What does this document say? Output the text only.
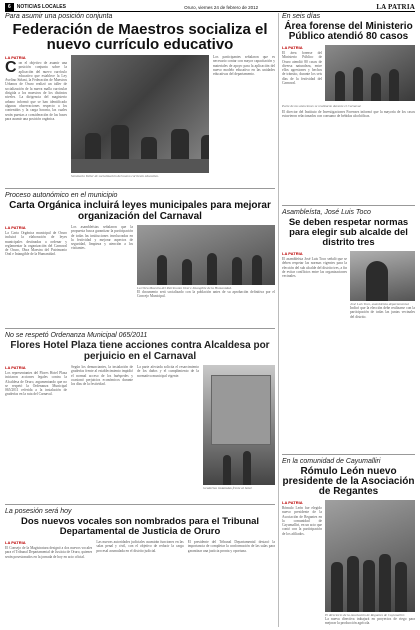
6	NOTICIAS LOCALES	Oruro, viernes 24 de febrero de 2012	LA PATRIA
Para asumir una posición conjunta
Federación de Maestros socializa el nuevo currículo educativo
LA PATRIA
Con el objetivo de asumir una posición conjunta sobre la aplicación del nuevo currículo educativo que establece la Ley Avelino Siñani, la Federación de Maestros Urbanos de Oruro realizó un taller de socialización de la nueva malla curricular dirigida a los maestros de los distintos niveles. La dirigencia del magisterio urbano informó que se han identificado algunas observaciones respecto a los contenidos y la carga horaria, las cuales serán puestas a consideración de las bases para asumir una posición orgánica.
Seminario Taller de socialización del nuevo currículo educativo.
Los participantes señalaron que es necesario contar con mayor capacitación y materiales de apoyo para la aplicación del nuevo modelo educativo en las unidades educativas del departamento.
Proceso autonómico en el municipio
Carta Orgánica incluirá leyes municipales para mejorar organización del Carnaval
LA PATRIA
La Carta Orgánica municipal de Oruro incluirá la elaboración de leyes municipales destinadas a ordenar y reglamentar la organización del Carnaval de Oruro, Obra Maestra del Patrimonio Oral e Intangible de la Humanidad.
Los asambleístas señalaron que la propuesta busca garantizar la participación de todas las instituciones involucradas en la festividad y mejorar aspectos de seguridad, limpieza y atención a los visitantes.
La Obra Maestra del Patrimonio Oral e Intangible de la Humanidad.
El documento será socializado con la población antes de su aprobación definitiva por el Concejo Municipal.
No se respetó Ordenanza Municipal 065/2011
Flores Hotel Plaza tiene acciones contra Alcaldesa por perjuicio en el Carnaval
LA PATRIA
Los representantes del Flores Hotel Plaza iniciaron acciones legales contra la Alcaldesa de Oruro, argumentando que no se respetó la Ordenanza Municipal 065/2011 referida a la instalación de graderías en la ruta del Carnaval.
Según los denunciantes, la instalación de graderías frente al establecimiento impidió el normal acceso de los huéspedes y ocasionó perjuicios económicos durante los días de la festividad.
La parte afectada solicita el resarcimiento de los daños y el cumplimiento de la normativa municipal vigente.
Graderías instaladas frente al hotel.
La posesión será hoy
Dos nuevos vocales son nombrados para el Tribunal Departamental de Justicia de Oruro
LA PATRIA
El Consejo de la Magistratura designó a dos nuevos vocales para el Tribunal Departamental de Justicia de Oruro, quienes serán posesionados en la jornada de hoy en acto oficial.
Las nuevas autoridades judiciales asumirán funciones en las salas penal y civil, con el objetivo de reducir la carga procesal acumulada en el distrito judicial.
El presidente del Tribunal Departamental destacó la importancia de completar la conformación de las salas para garantizar una justicia pronta y oportuna.
En seis días
Área forense del Ministerio Público atendió 80 casos
LA PATRIA
El área forense del Ministerio Público de Oruro atendió 80 casos de diversa naturaleza, entre ellos agresiones y hechos de tránsito, durante los seis días de la festividad del Carnaval.
Parte de las atenciones se realizaron durante el Carnaval.
El director del Instituto de Investigaciones Forenses informó que la mayoría de los casos estuvieron relacionados con consumo de bebidas alcohólicas.
Asambleísta, José Luis Toco
Se deben respetar normas para elegir sub alcalde del distrito tres
LA PATRIA
El asambleísta José Luis Toco señaló que se deben respetar las normas vigentes para la elección del sub alcalde del distrito tres, a fin de evitar conflictos entre las organizaciones vecinales.
José Luis Toco, asambleísta departamental.
Indicó que la elección debe realizarse con la participación de todas las juntas vecinales del distrito.
En la comunidad de Cayumalliri
Rómulo León nuevo presidente de la Asociación de Regantes
LA PATRIA
Rómulo León fue elegido nuevo presidente de la Asociación de Regantes en la comunidad de Cayumalliri, en un acto que contó con la participación de los afiliados.
El directorio de la Asociación de Regantes de Cayumalliri.
La nueva directiva trabajará en proyectos de riego para mejorar la producción agrícola.
